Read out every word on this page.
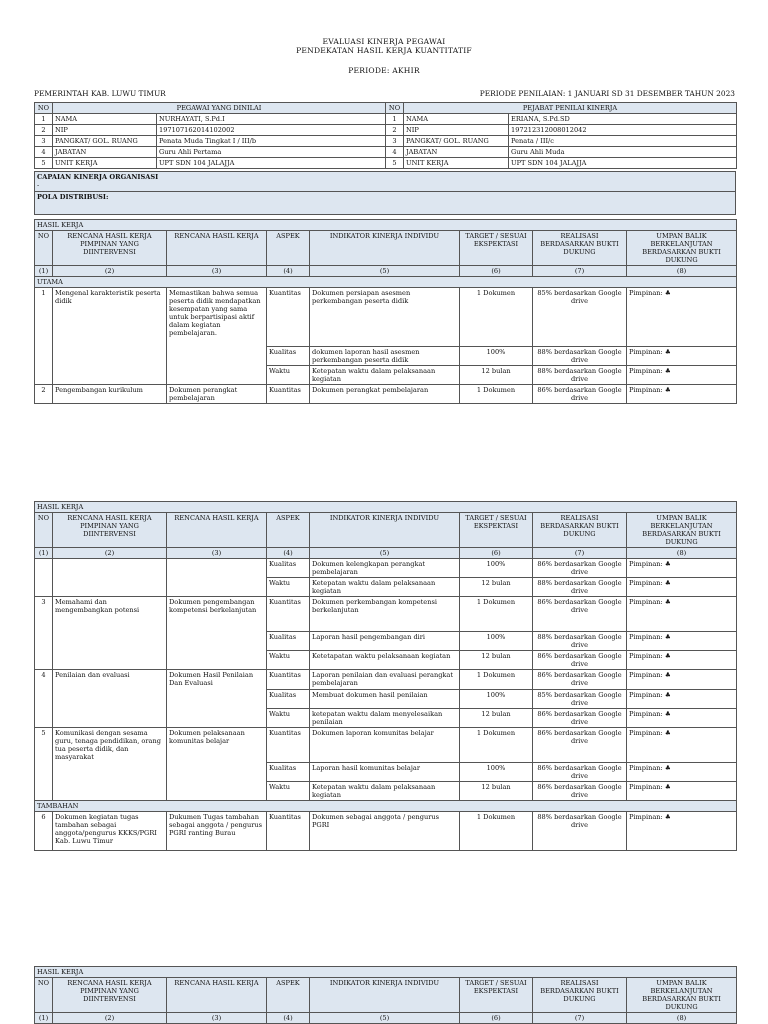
EVALUASI KINERJA PEGAWAI
PENDEKATAN HASIL KERJA KUANTITATIF
PERIODE: AKHIR
PEMERINTAH KAB. LUWU TIMUR	PERIODE PENILAIAN: 1 JANUARI SD 31 DESEMBER TAHUN 2023
NO	PEGAWAI YANG DINILAI		NO	PEJABAT PENILAI KINERJA	
1	NAMA	NURHAYATI, S.Pd.I	1	NAMA	ERIANA, S.Pd.SD
2	NIP	197107162014102002	2	NIP	197212312008012042
3	PANGKAT/ GOL. RUANG	Penata Muda Tingkat I / III/b	3	PANGKAT/ GOL. RUANG	Penata / III/c
4	JABATAN	Guru Ahli Pertama	4	JABATAN	Guru Ahli Muda
5	UNIT KERJA	UPT SDN 104 JALAJJA	5	UNIT KERJA	UPT SDN 104 JALAJJA
CAPAIAN KINERJA ORGANISASI
-

POLA DISTRIBUSI:
HASIL KERJA							
NO	RENCANA HASIL KERJA PIMPINAN YANG DIINTERVENSI	RENCANA HASIL KERJA	ASPEK	INDIKATOR KINERJA INDIVIDU	TARGET / SESUAI EKSPEKTASI	REALISASI BERDASARKAN BUKTI DUKUNG	UMPAN BALIK BERKELANJUTAN BERDASARKAN BUKTI DUKUNG
(1)	(2)	(3)	(4)	(5)	(6)	(7)	(8)
UTAMA							
1	Mengenal karakteristik peserta didik	Memastikan bahwa semua peserta didik mendapatkan kesempatan yang sama untuk berpartisipasi aktif dalam kegiatan pembelajaran.	Kuantitas	Dokumen persiapan asesmen perkembangan peserta didik	1 Dokumen	85% berdasarkan Google drive	Pimpinan: ♣
			Kualitas	dokumen laporan hasil asesmen perkembangan peserta didik	100%	88% berdasarkan Google drive	Pimpinan: ♣
			Waktu	Ketepatan waktu dalam pelaksanaan kegiatan	12 bulan	88% berdasarkan Google drive	Pimpinan: ♣
2	Pengembangan kurikulum	Dokumen perangkat pembelajaran	Kuantitas	Dokumen perangkat pembelajaran	1 Dokumen	86% berdasarkan Google drive	Pimpinan: ♣
HASIL KERJA							
NO	RENCANA HASIL KERJA PIMPINAN YANG DIINTERVENSI	RENCANA HASIL KERJA	ASPEK	INDIKATOR KINERJA INDIVIDU	TARGET / SESUAI EKSPEKTASI	REALISASI BERDASARKAN BUKTI DUKUNG	UMPAN BALIK BERKELANJUTAN BERDASARKAN BUKTI DUKUNG
(1)	(2)	(3)	(4)	(5)	(6)	(7)	(8)
			Kualitas	Dokumen kelengkapan perangkat pembelajaran	100%	86% berdasarkan Google drive	Pimpinan: ♣
			Waktu	Ketepatan waktu dalam pelaksanaan kegiatan	12 bulan	88% berdasarkan Google drive	Pimpinan: ♣
3	Memahami dan mengembangkan potensi	Dokumen pengembangan kompetensi berkelanjutan	Kuantitas	Dokumen perkembangan kompetensi berkelanjutan	1 Dokumen	86% berdasarkan Google drive	Pimpinan: ♣
			Kualitas	Laporan hasil pengembangan diri	100%	88% berdasarkan Google drive	Pimpinan: ♣
			Waktu	Ketetapatan waktu pelaksanaan kegiatan	12 bulan	86% berdasarkan Google drive	Pimpinan: ♣
4	Penilaian dan evaluasi	Dokumen Hasil Penilaian Dan Evaluasi	Kuantitas	Laporan penilaian dan evaluasi perangkat pembelajaran	1 Dokumen	86% berdasarkan Google drive	Pimpinan: ♣
			Kualitas	Membuat dokumen hasil penilaian	100%	85% berdasarkan Google drive	Pimpinan: ♣
			Waktu	ketepatan waktu dalam menyelesaikan penilaian	12 bulan	86% berdasarkan Google drive	Pimpinan: ♣
5	Komunikasi dengan sesama guru, tenaga pendidikan, orang tua peserta didik, dan masyarakat	Dokumen pelaksanaan komunitas belajar	Kuantitas	Dokumen laporan komunitas belajar	1 Dokumen	86% berdasarkan Google drive	Pimpinan: ♣
			Kualitas	Laporan hasil komunitas belajar	100%	86% berdasarkan Google drive	Pimpinan: ♣
			Waktu	Ketepatan waktu dalam pelaksanaan kegiatan	12 bulan	86% berdasarkan Google drive	Pimpinan: ♣
TAMBAHAN							
6	Dokumen kegiatan tugas tambahan sebagai anggota/pengurus KKKS/PGRI Kab. Luwu Timur	Dukumen Tugas tambahan sebagai anggota / pengurus PGRI ranting Burau	Kuantitas	Dokumen sebagai anggota / pengurus PGRI	1 Dokumen	88% berdasarkan Google drive	Pimpinan: ♣
HASIL KERJA							
NO	RENCANA HASIL KERJA PIMPINAN YANG DIINTERVENSI	RENCANA HASIL KERJA	ASPEK	INDIKATOR KINERJA INDIVIDU	TARGET / SESUAI EKSPEKTASI	REALISASI BERDASARKAN BUKTI DUKUNG	UMPAN BALIK BERKELANJUTAN BERDASARKAN BUKTI DUKUNG
(1)	(2)	(3)	(4)	(5)	(6)	(7)	(8)
